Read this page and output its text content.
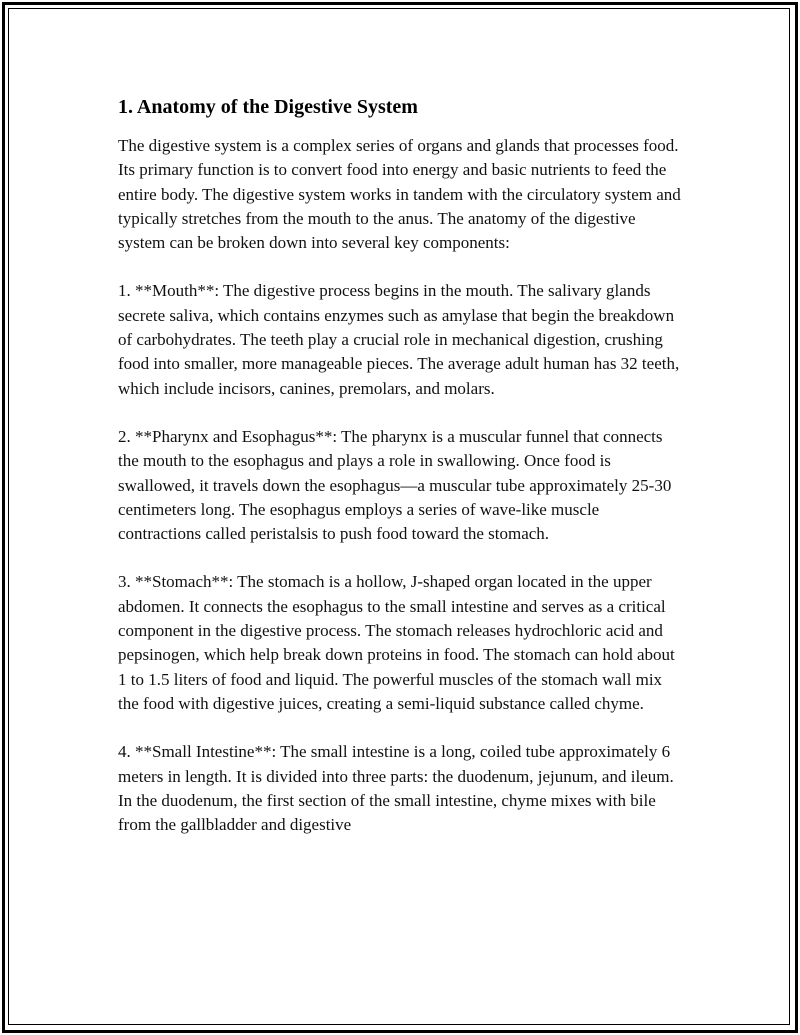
1. Anatomy of the Digestive System

The digestive system is a complex series of organs and glands that processes food. Its primary function is to convert food into energy and basic nutrients to feed the entire body. The digestive system works in tandem with the circulatory system and typically stretches from the mouth to the anus. The anatomy of the digestive system can be broken down into several key components:

1. **Mouth**: The digestive process begins in the mouth. The salivary glands secrete saliva, which contains enzymes such as amylase that begin the breakdown of carbohydrates. The teeth play a crucial role in mechanical digestion, crushing food into smaller, more manageable pieces. The average adult human has 32 teeth, which include incisors, canines, premolars, and molars.

2. **Pharynx and Esophagus**: The pharynx is a muscular funnel that connects the mouth to the esophagus and plays a role in swallowing. Once food is swallowed, it travels down the esophagus—a muscular tube approximately 25-30 centimeters long. The esophagus employs a series of wave-like muscle contractions called peristalsis to push food toward the stomach.

3. **Stomach**: The stomach is a hollow, J-shaped organ located in the upper abdomen. It connects the esophagus to the small intestine and serves as a critical component in the digestive process. The stomach releases hydrochloric acid and pepsinogen, which help break down proteins in food. The stomach can hold about 1 to 1.5 liters of food and liquid. The powerful muscles of the stomach wall mix the food with digestive juices, creating a semi-liquid substance called chyme.

4. **Small Intestine**: The small intestine is a long, coiled tube approximately 6 meters in length. It is divided into three parts: the duodenum, jejunum, and ileum. In the duodenum, the first section of the small intestine, chyme mixes with bile from the gallbladder and digestive
